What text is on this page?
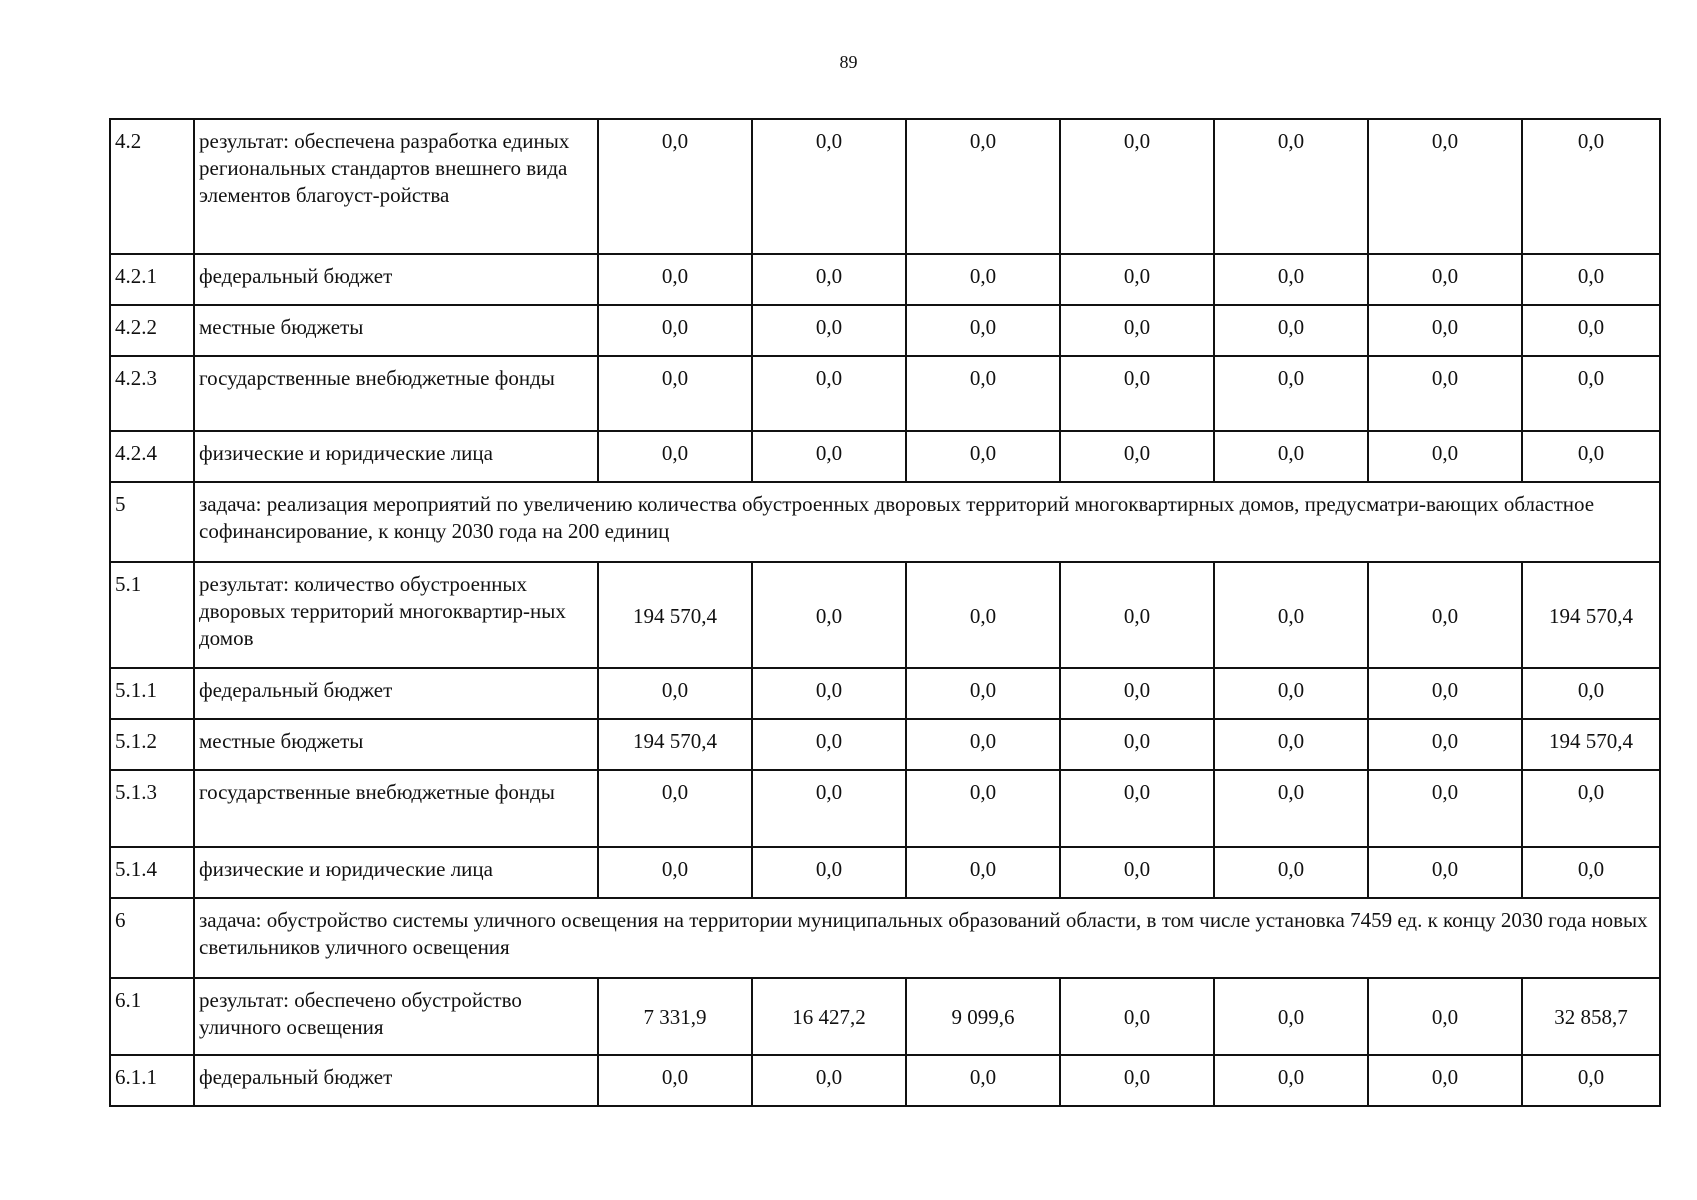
89
4.2	результат: обеспечена разработка единых региональных стандартов внешнего вида элементов благоуст-ройства	0,0	0,0	0,0	0,0	0,0	0,0	0,0
4.2.1	федеральный бюджет	0,0	0,0	0,0	0,0	0,0	0,0	0,0
4.2.2	местные бюджеты	0,0	0,0	0,0	0,0	0,0	0,0	0,0
4.2.3	государственные внебюджетные фонды	0,0	0,0	0,0	0,0	0,0	0,0	0,0
4.2.4	физические и юридические лица	0,0	0,0	0,0	0,0	0,0	0,0	0,0
5	задача: реализация мероприятий по увеличению количества обустроенных дворовых территорий многоквартирных домов, предусматри-вающих областное софинансирование, к концу 2030 года на 200 единиц							
5.1	результат: количество обустроенных дворовых территорий многоквартир-ных домов	194 570,4	0,0	0,0	0,0	0,0	0,0	194 570,4
5.1.1	федеральный бюджет	0,0	0,0	0,0	0,0	0,0	0,0	0,0
5.1.2	местные бюджеты	194 570,4	0,0	0,0	0,0	0,0	0,0	194 570,4
5.1.3	государственные внебюджетные фонды	0,0	0,0	0,0	0,0	0,0	0,0	0,0
5.1.4	физические и юридические лица	0,0	0,0	0,0	0,0	0,0	0,0	0,0
6	задача: обустройство системы уличного освещения на территории муниципальных образований области, в том числе установка 7459 ед. к концу 2030 года новых светильников уличного освещения							
6.1	результат: обеспечено обустройство уличного освещения	7 331,9	16 427,2	9 099,6	0,0	0,0	0,0	32 858,7
6.1.1	федеральный бюджет	0,0	0,0	0,0	0,0	0,0	0,0	0,0
